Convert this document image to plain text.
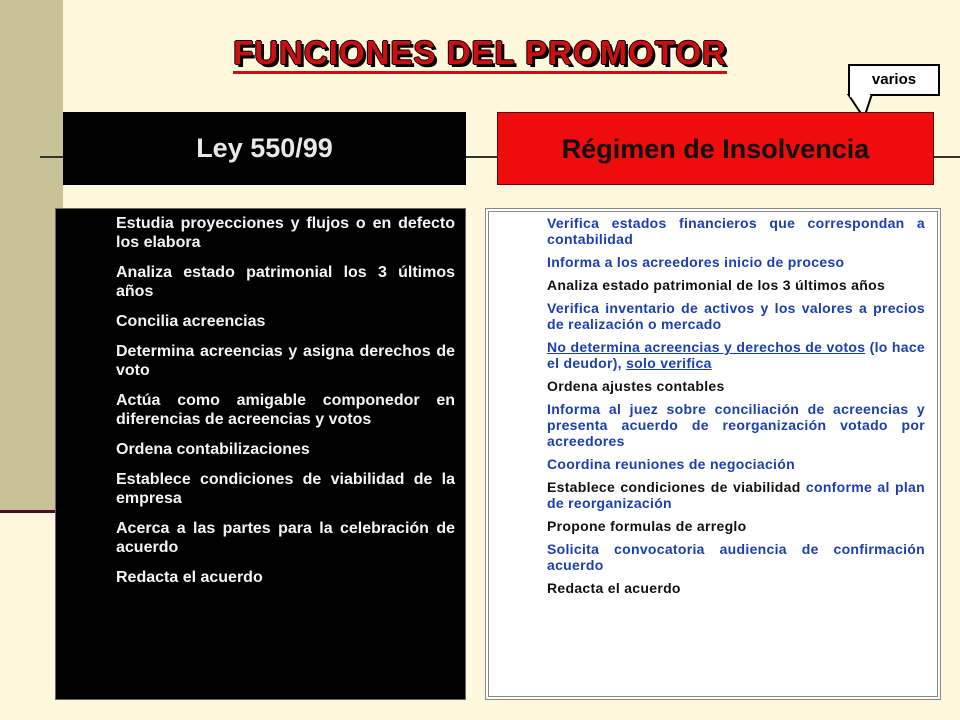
FUNCIONES DEL PROMOTOR
varios
Ley 550/99	Régimen de Insolvencia
Estudia proyecciones y flujos o en defecto los elabora
Analiza estado patrimonial los 3 últimos años
Concilia acreencias
Determina acreencias y asigna derechos de voto
Actúa como amigable componedor en diferencias de acreencias y votos
Ordena contabilizaciones
Establece condiciones de viabilidad de la empresa
Acerca a las partes para la celebración de acuerdo
Redacta el acuerdo
Verifica estados financieros que correspondan a contabilidad
Informa a los acreedores inicio de proceso
Analiza estado patrimonial de los 3 últimos años
Verifica inventario de activos y los valores a precios de realización o mercado
No determina acreencias y derechos de votos (lo hace el deudor), solo verifica
Ordena ajustes contables
Informa al juez sobre conciliación de acreencias y presenta acuerdo de reorganización votado por acreedores
Coordina reuniones de negociación
Establece condiciones de viabilidad conforme al plan de reorganización
Propone formulas de arreglo
Solicita convocatoria audiencia de confirmación acuerdo
Redacta el acuerdo
